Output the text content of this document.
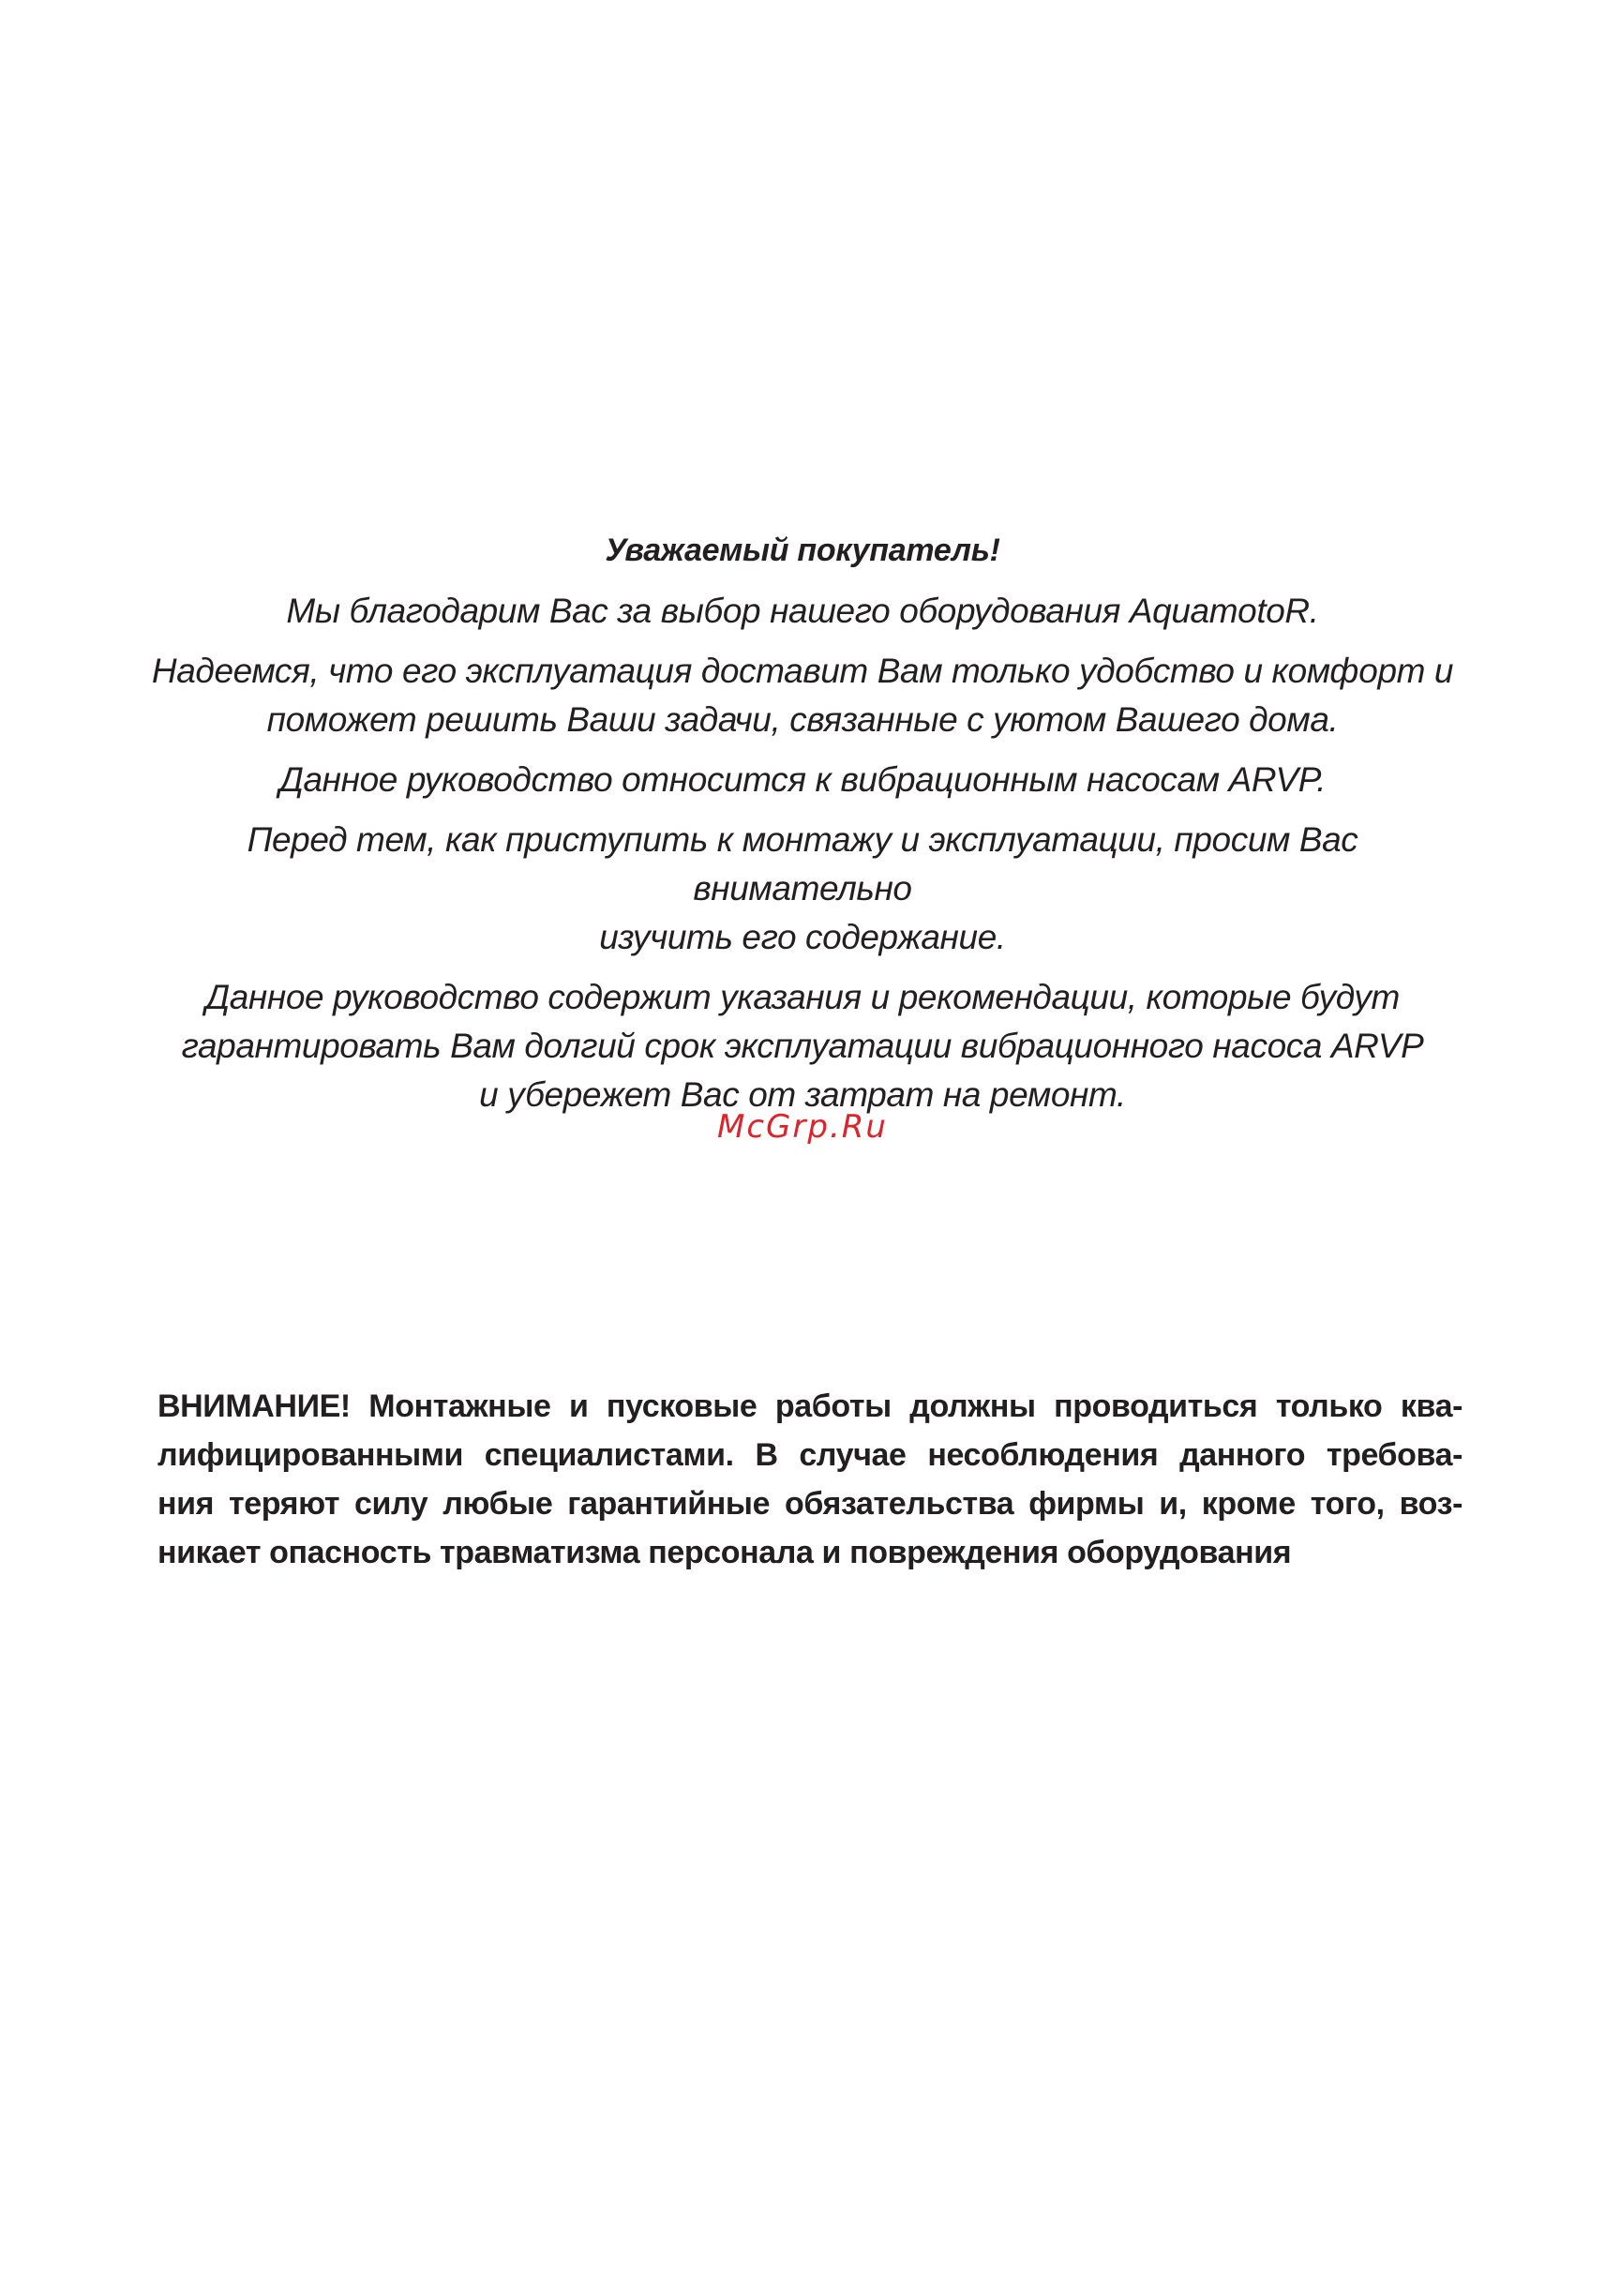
Уважаемый покупатель!
Мы благодарим Вас за выбор нашего оборудования AquamotoR.
Надеемся, что его эксплуатация доставит Вам только удобство и комфорт и
поможет решить Ваши задачи, связанные с уютом Вашего дома.
Данное руководство относится к вибрационным насосам ARVP.
Перед тем, как приступить к монтажу и эксплуатации, просим Вас внимательно
изучить его содержание.
Данное руководство содержит указания и рекомендации, которые будут
гарантировать Вам долгий срок эксплуатации вибрационного насоса ARVP
и убережет Вас от затрат на ремонт.
McGrp.Ru
ВНИМАНИЕ! Монтажные и пусковые работы должны проводиться только ква-
лифицированными специалистами. В случае несоблюдения данного требова-
ния теряют силу любые гарантийные обязательства фирмы и, кроме того, воз-
никает опасность травматизма персонала и повреждения оборудования
